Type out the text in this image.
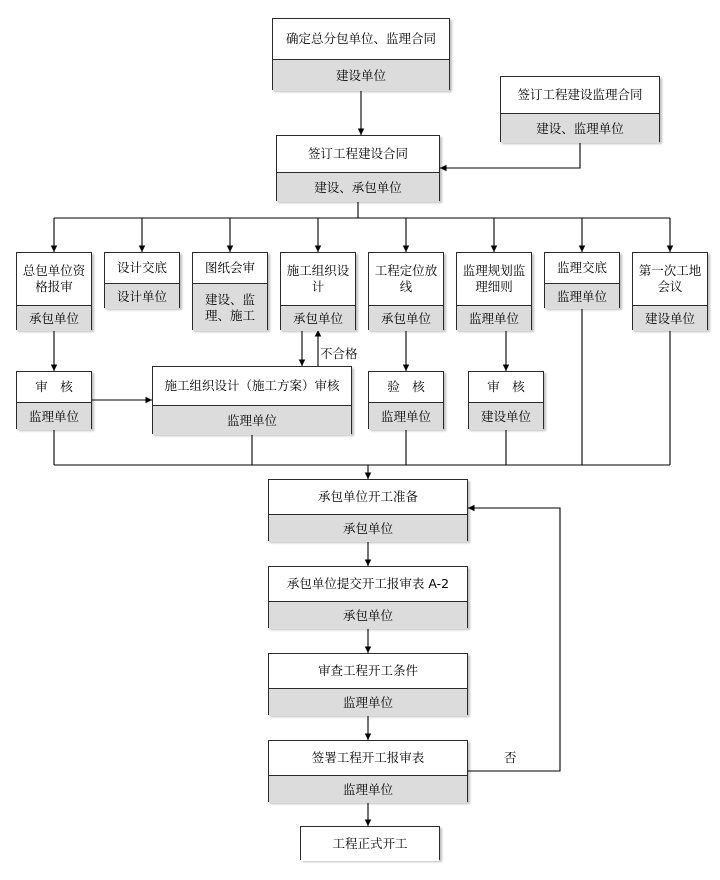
确定总分包单位、监理合同
建设单位
签订工程建设监理合同
建设、监理单位
签订工程建设合同
建设、承包单位
总包单位资格报审
承包单位
设计交底
设计单位
图纸会审
建设、监理、施工
施工组织设　计
承包单位
工程定位放　线
承包单位
监理规划监理细则
监理单位
监理交底
监理单位
第一次工地会议
建设单位
审　核
监理单位
施工组织设计（施工方案）审核
监理单位
验　核
监理单位
审　核
建设单位
承包单位开工准备
承包单位
承包单位提交开工报审表 A-2
承包单位
审查工程开工条件
监理单位
签署工程开工报审表
监理单位
工程正式开工
不合格
否
